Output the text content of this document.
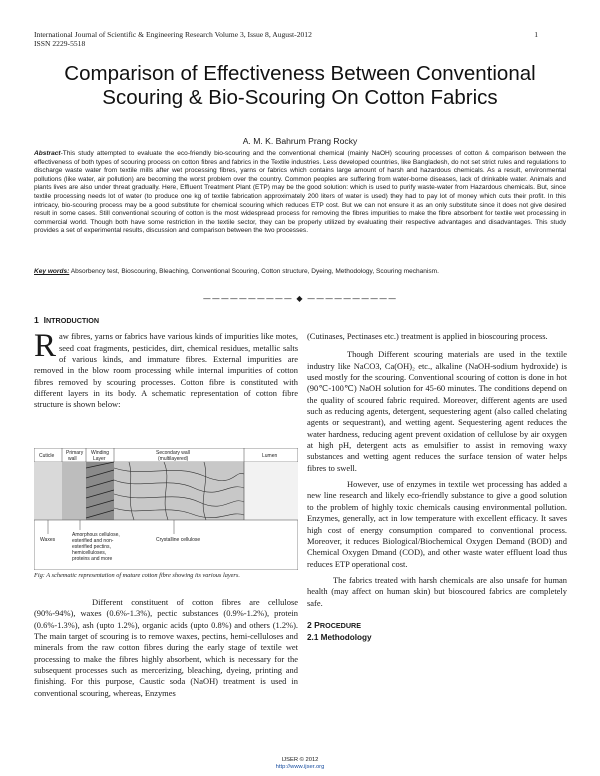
International Journal of Scientific & Engineering Research Volume 3, Issue 8, August-2012
ISSN 2229-5518
1
Comparison of Effectiveness Between Conventional Scouring & Bio-Scouring On Cotton Fabrics
A. M. K. Bahrum Prang Rocky
Abstract-This study attempted to evaluate the eco-friendly bio-scouring and the conventional chemical (mainly NaOH) scouring processes of cotton & comparison between the effectiveness of both types of scouring process on cotton fibres and fabrics in the Textile industries. Less developed countries, like Bangladesh, do not set strict rules and regulations to discharge waste water from textile mills after wet processing fibres, yarns or fabrics which contains large amount of harsh and hazardous chemicals. As a result, environmental pollutions (like water, air pollution) are becoming the worst problem over the country. Common peoples are suffering from water-borne diseases, lack of drinkable water. Animals and plants lives are also under threat gradually. Here, Effluent Treatment Plant (ETP) may be the good solution: which is used to purify waste-water from Hazardous chemicals. But, since textile processing needs lot of water (to produce one kg of textile fabrication approximately 200 liters of water is used) they had to pay lot of money which cuts their profit. In this intricacy, bio-scouring process may be a good substitute for chemical scouring which reduces ETP cost. But we can not ensure it as an only substitute since it does not give desired result in some cases. Still conventional scouring of cotton is the most widespread process for removing the fibres impurities to make the fibre absorbent for textile wet processing in commercial world. Though both have some restriction in the textile sector, they can be properly utilized by evaluating their respective advantages and disadvantages. This study provides a set of experimental results, discussion and comparison between the two processes.
Key words: Absorbency test, Bioscouring, Bleaching, Conventional Scouring, Cotton structure, Dyeing, Methodology, Scouring mechanism.
—————————— ◆ ——————————
1 INTRODUCTION

Raw fibres, yarns or fabrics have various kinds of impurities like motes, seed coat fragments, pesticides, dirt, chemical residues, metallic salts of various kinds, and immature fibres. External impurities are removed in the blow room processing while internal impurities of cotton fibres removed by scouring processes. Cotton fibre is constituted with different layers in its body. A schematic representation of cotton fibre structure is shown below:

Cuticle Primary
wall
Winding
Layer
Secondary wall
(multilayered)	Lumen
Waxes
Amorphous cellulose,
esterified and non-
esterified pectins,
hemicelluloses,
proteins and more
Crystalline cellulose
Fig: A schematic representation of mature cotton fibre showing its various layers.

Different constituent of cotton fibres are cellulose (90%-94%), waxes (0.6%-1.3%), pectic substances (0.9%-1.2%), protein (0.6%-1.3%), ash (upto 1.2%), organic acids (upto 0.8%) and others (1.2%). The main target of scouring is to remove waxes, pectins, hemi-celluloses and minerals from the raw cotton fibres during the early stage of textile wet processing to make the fibres highly absorbent, which is necessary for the subsequent processes such as mercerizing, bleaching, dyeing, printing and finishing. For this purpose, Caustic soda (NaOH) treatment is used in conventional scouring, whereas, Enzymes

(Cutinases, Pectinases etc.) treatment is applied in bioscouring process.

Though Different scouring materials are used in the textile industry like NaCO3, Ca(OH)₂ etc., alkaline (NaOH-sodium hydroxide) is used mostly for the scouring. Conventional scouring of cotton is done in hot (90℃-100℃) NaOH solution for 45-60 minutes. The conditions depend on the quality of scoured fabric required. Moreover, different agents are used such as reducing agents, detergent, sequestering agent (also called chelating agents or sequestrant), and wetting agent. Sequestering agent reduces the water hardness, reducing agent prevent oxidation of cellulose by air oxygen at high pH, detergent acts as emulsifier to assist in removing waxy substances and wetting agent reduces the surface tension of water helps fibres to swell.

However, use of enzymes in textile wet processing has added a new line research and likely eco-friendly substance to give a good solution to the problem of highly toxic chemicals causing environmental pollution. Enzymes, generally, act in low temperature with excellent efficacy. It saves high cost of energy consumption compared to conventional process. Moreover, it reduces Biological/Biochemical Oxygen Demand (BOD) and Chemical Oxygen Dmand (COD), and other waste water effluent load thus reduces ETP operational cost.

The fabrics treated with harsh chemicals are also unsafe for human health (may affect on human skin) but bioscoured fabrics are completely safe.

2 PROCEDURE
2.1 Methodology
IJSER © 2012
http://www.ijser.org
